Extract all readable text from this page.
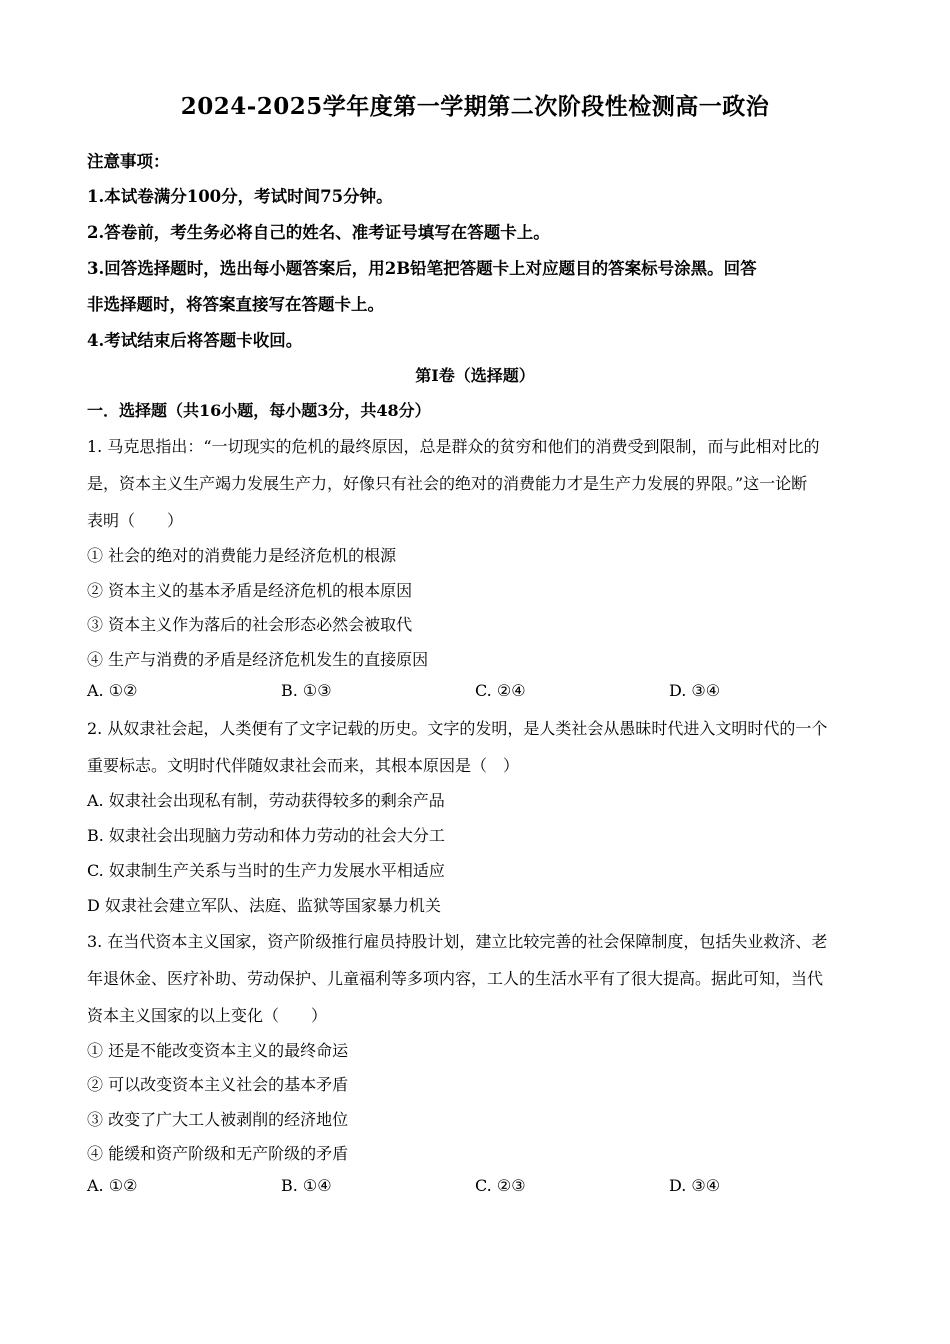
2024-2025学年度第一学期第二次阶段性检测高一政治
注意事项：
1.本试卷满分100分，考试时间75分钟。
2.答卷前，考生务必将自己的姓名、准考证号填写在答题卡上。
3.回答选择题时，选出每小题答案后，用2B铅笔把答题卡上对应题目的答案标号涂黑。回答
非选择题时，将答案直接写在答题卡上。
4.考试结束后将答题卡收回。
第Ⅰ卷（选择题）
一．选择题（共16小题，每小题3分，共48分）
1. 马克思指出：“一切现实的危机的最终原因，总是群众的贫穷和他们的消费受到限制，而与此相对比的
是，资本主义生产竭力发展生产力，好像只有社会的绝对的消费能力才是生产力发展的界限。”这一论断
表明（　　）
① 社会的绝对的消费能力是经济危机的根源
② 资本主义的基本矛盾是经济危机的根本原因
③ 资本主义作为落后的社会形态必然会被取代
④ 生产与消费的矛盾是经济危机发生的直接原因
A. ①②	B. ①③	C. ②④	D. ③④
2. 从奴隶社会起，人类便有了文字记载的历史。文字的发明，是人类社会从愚昧时代进入文明时代的一个
重要标志。文明时代伴随奴隶社会而来，其根本原因是（　）
A. 奴隶社会出现私有制，劳动获得较多的剩余产品
B. 奴隶社会出现脑力劳动和体力劳动的社会大分工
C. 奴隶制生产关系与当时的生产力发展水平相适应
D 奴隶社会建立军队、法庭、监狱等国家暴力机关
3. 在当代资本主义国家，资产阶级推行雇员持股计划，建立比较完善的社会保障制度，包括失业救济、老
年退休金、医疗补助、劳动保护、儿童福利等多项内容，工人的生活水平有了很大提高。据此可知，当代
资本主义国家的以上变化（　　）
① 还是不能改变资本主义的最终命运
② 可以改变资本主义社会的基本矛盾
③ 改变了广大工人被剥削的经济地位
④ 能缓和资产阶级和无产阶级的矛盾
A. ①②	B. ①④	C. ②③	D. ③④
